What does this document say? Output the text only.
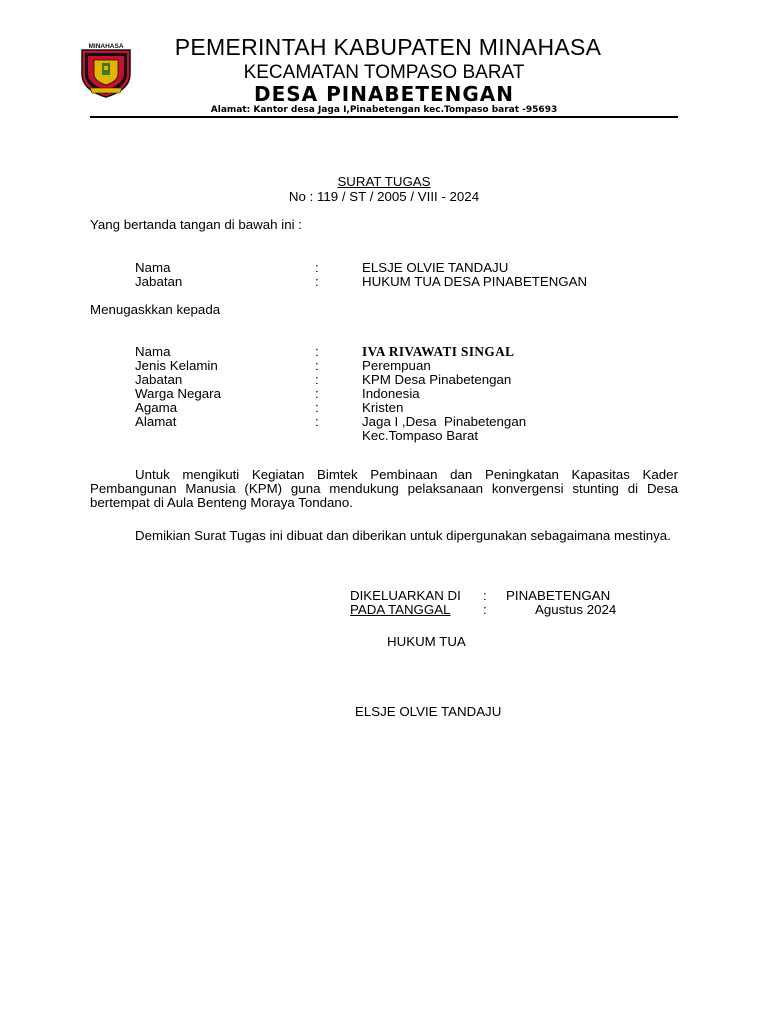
MINAHASA	PEMERINTAH KABUPATEN MINAHASA
KECAMATAN TOMPASO BARAT
DESA PINABETENGAN
Alamat: Kantor desa Jaga I,Pinabetengan kec.Tompaso barat -95693
SURAT TUGAS
No : 119 / ST / 2005 / VIII - 2024
Yang bertanda tangan di bawah ini :
Nama	:	ELSJE OLVIE TANDAJU
Jabatan	:	HUKUM TUA DESA PINABETENGAN
Menugaskkan kepada
Nama	:	IVA RIVAWATI SINGAL
Jenis Kelamin	:	Perempuan
Jabatan	:	KPM Desa Pinabetengan
Warga Negara	:	Indonesia
Agama	:	Kristen
Alamat	:	Jaga I ,Desa  Pinabetengan
Kec.Tompaso Barat
Untuk mengikuti Kegiatan Bimtek Pembinaan dan Peningkatan Kapasitas Kader Pembangunan Manusia (KPM) guna mendukung pelaksanaan konvergensi stunting di Desa bertempat di Aula Benteng Moraya Tondano.
Demikian Surat Tugas ini dibuat dan diberikan untuk dipergunakan sebagaimana mestinya.
DIKELUARKAN DI : PINABETENGAN
PADA TANGGAL :	Agustus 2024
HUKUM TUA
ELSJE OLVIE TANDAJU
